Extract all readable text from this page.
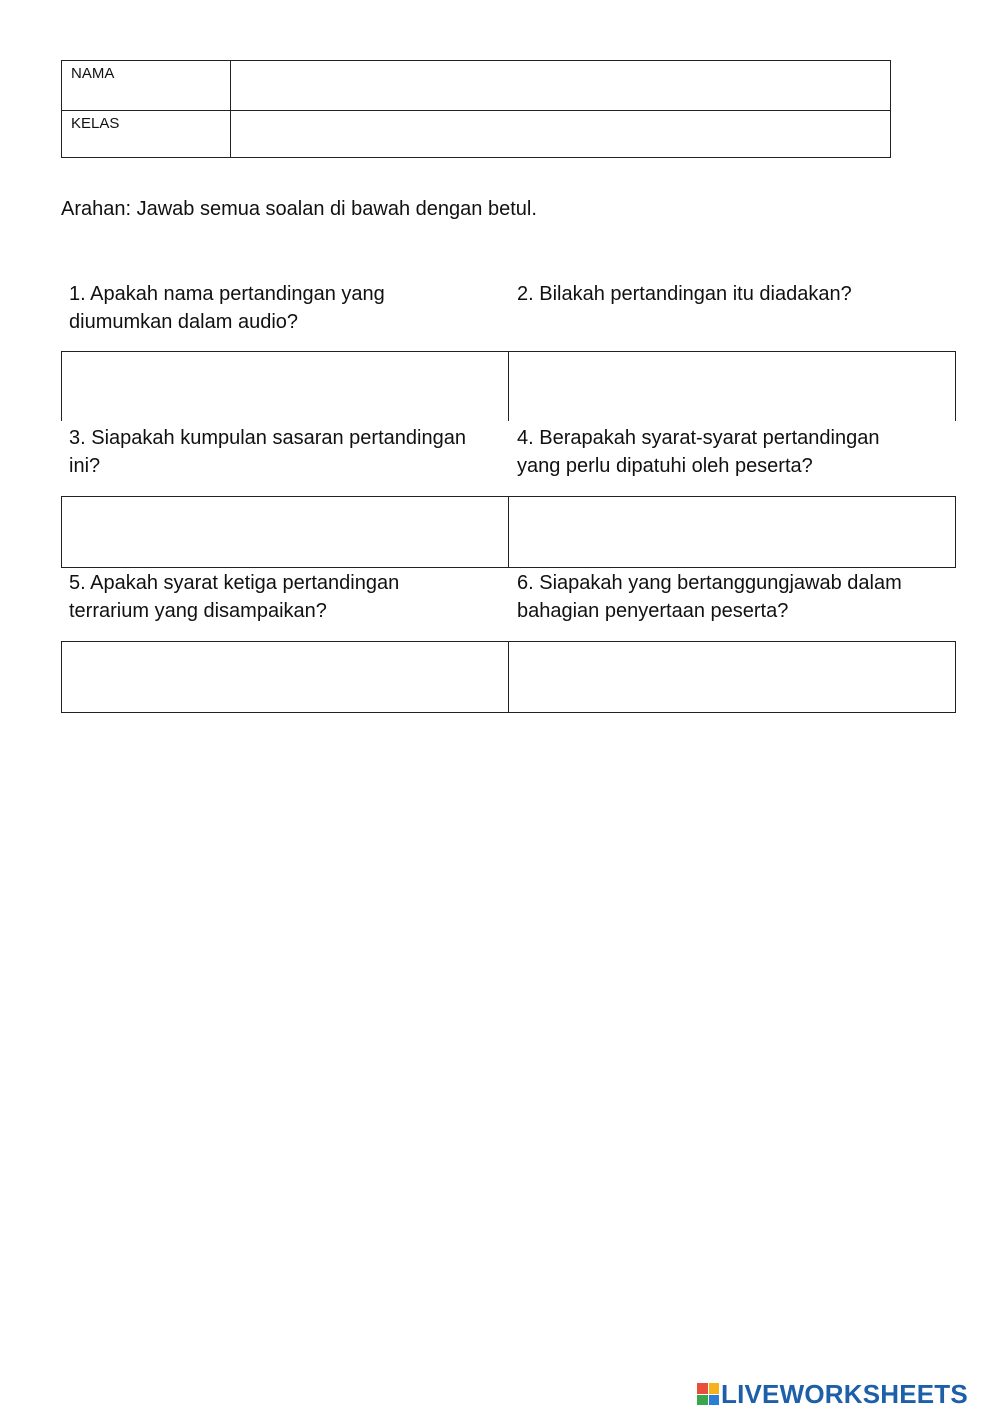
NAMA
KELAS
Arahan: Jawab semua soalan di bawah dengan betul.
1. Apakah nama pertandingan yang
diumumkan dalam audio?
2. Bilakah pertandingan itu diadakan?
3. Siapakah kumpulan sasaran pertandingan
ini?
4. Berapakah syarat-syarat pertandingan
yang perlu dipatuhi oleh peserta?
5. Apakah syarat ketiga pertandingan
terrarium yang disampaikan?
6. Siapakah yang bertanggungjawab dalam
bahagian penyertaan peserta?
LIVEWORKSHEETS
